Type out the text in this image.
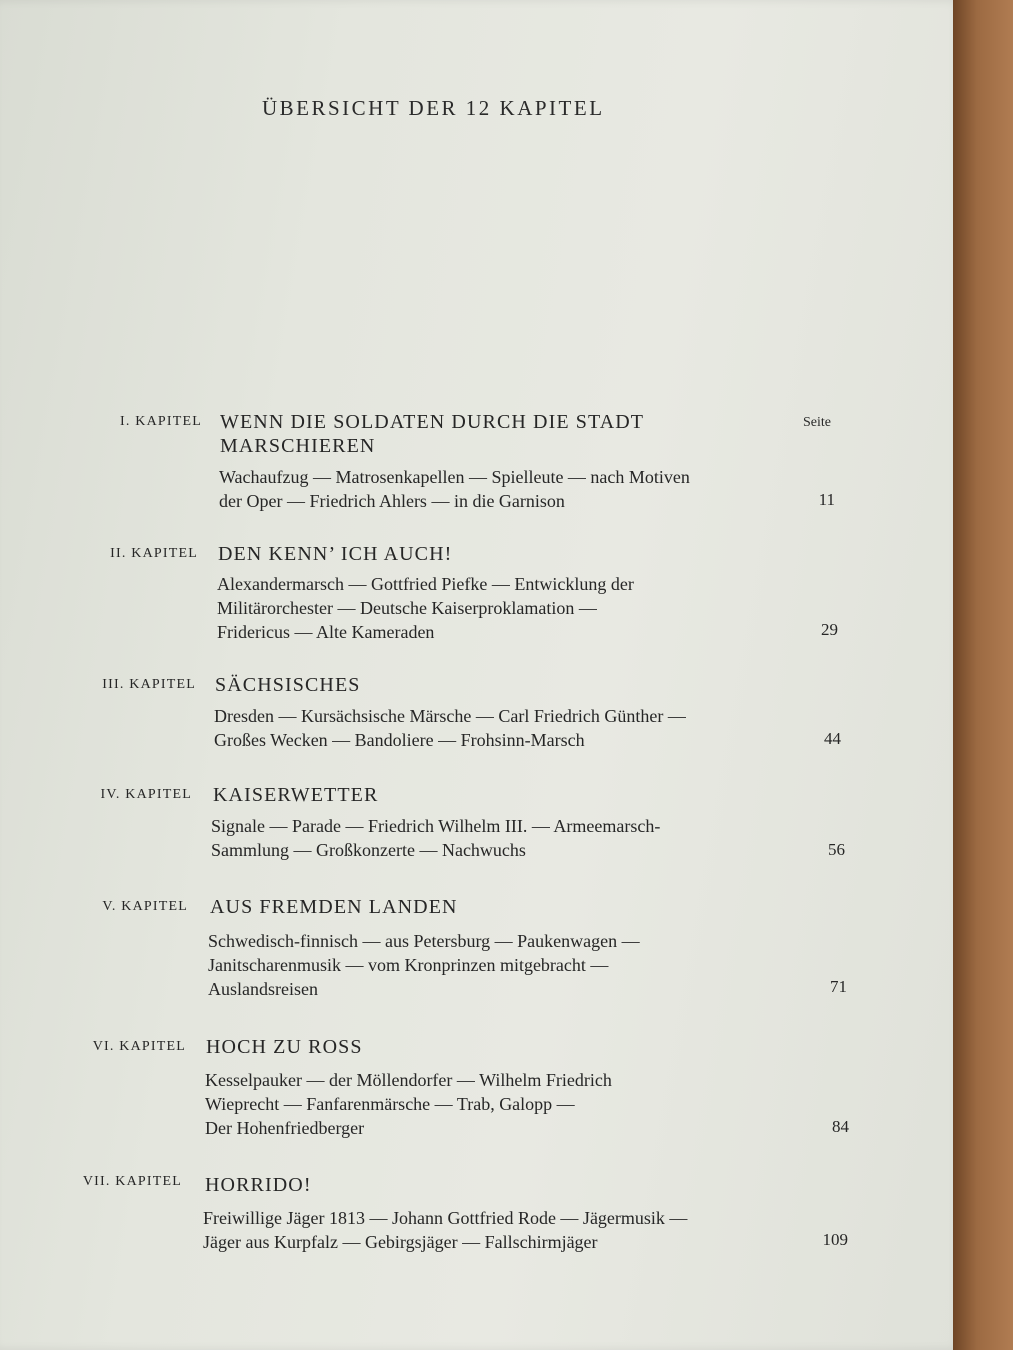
ÜBERSICHT DER 12 KAPITEL
Seite
I. KAPITEL WENN DIE SOLDATEN DURCH DIE STADT
MARSCHIEREN
Wachaufzug — Matrosenkapellen — Spielleute — nach Motiven
der Oper — Friedrich Ahlers — in die Garnison	11
II. KAPITEL DEN KENN’ ICH AUCH!
Alexandermarsch — Gottfried Piefke — Entwicklung der
Militärorchester — Deutsche Kaiserproklamation —
Fridericus — Alte Kameraden	29
III. KAPITEL SÄCHSISCHES
Dresden — Kursächsische Märsche — Carl Friedrich Günther —
Großes Wecken — Bandoliere — Frohsinn-Marsch	44
IV. KAPITEL KAISERWETTER
Signale — Parade — Friedrich Wilhelm III. — Armeemarsch-
Sammlung — Großkonzerte — Nachwuchs	56
V. KAPITEL AUS FREMDEN LANDEN
Schwedisch-finnisch — aus Petersburg — Paukenwagen —
Janitscharenmusik — vom Kronprinzen mitgebracht —
Auslandsreisen	71
VI. KAPITEL HOCH ZU ROSS
Kesselpauker — der Möllendorfer — Wilhelm Friedrich
Wieprecht — Fanfarenmärsche — Trab, Galopp —
Der Hohenfriedberger	84
VII. KAPITEL HORRIDO!
Freiwillige Jäger 1813 — Johann Gottfried Rode — Jägermusik —
Jäger aus Kurpfalz — Gebirgsjäger — Fallschirmjäger	109
